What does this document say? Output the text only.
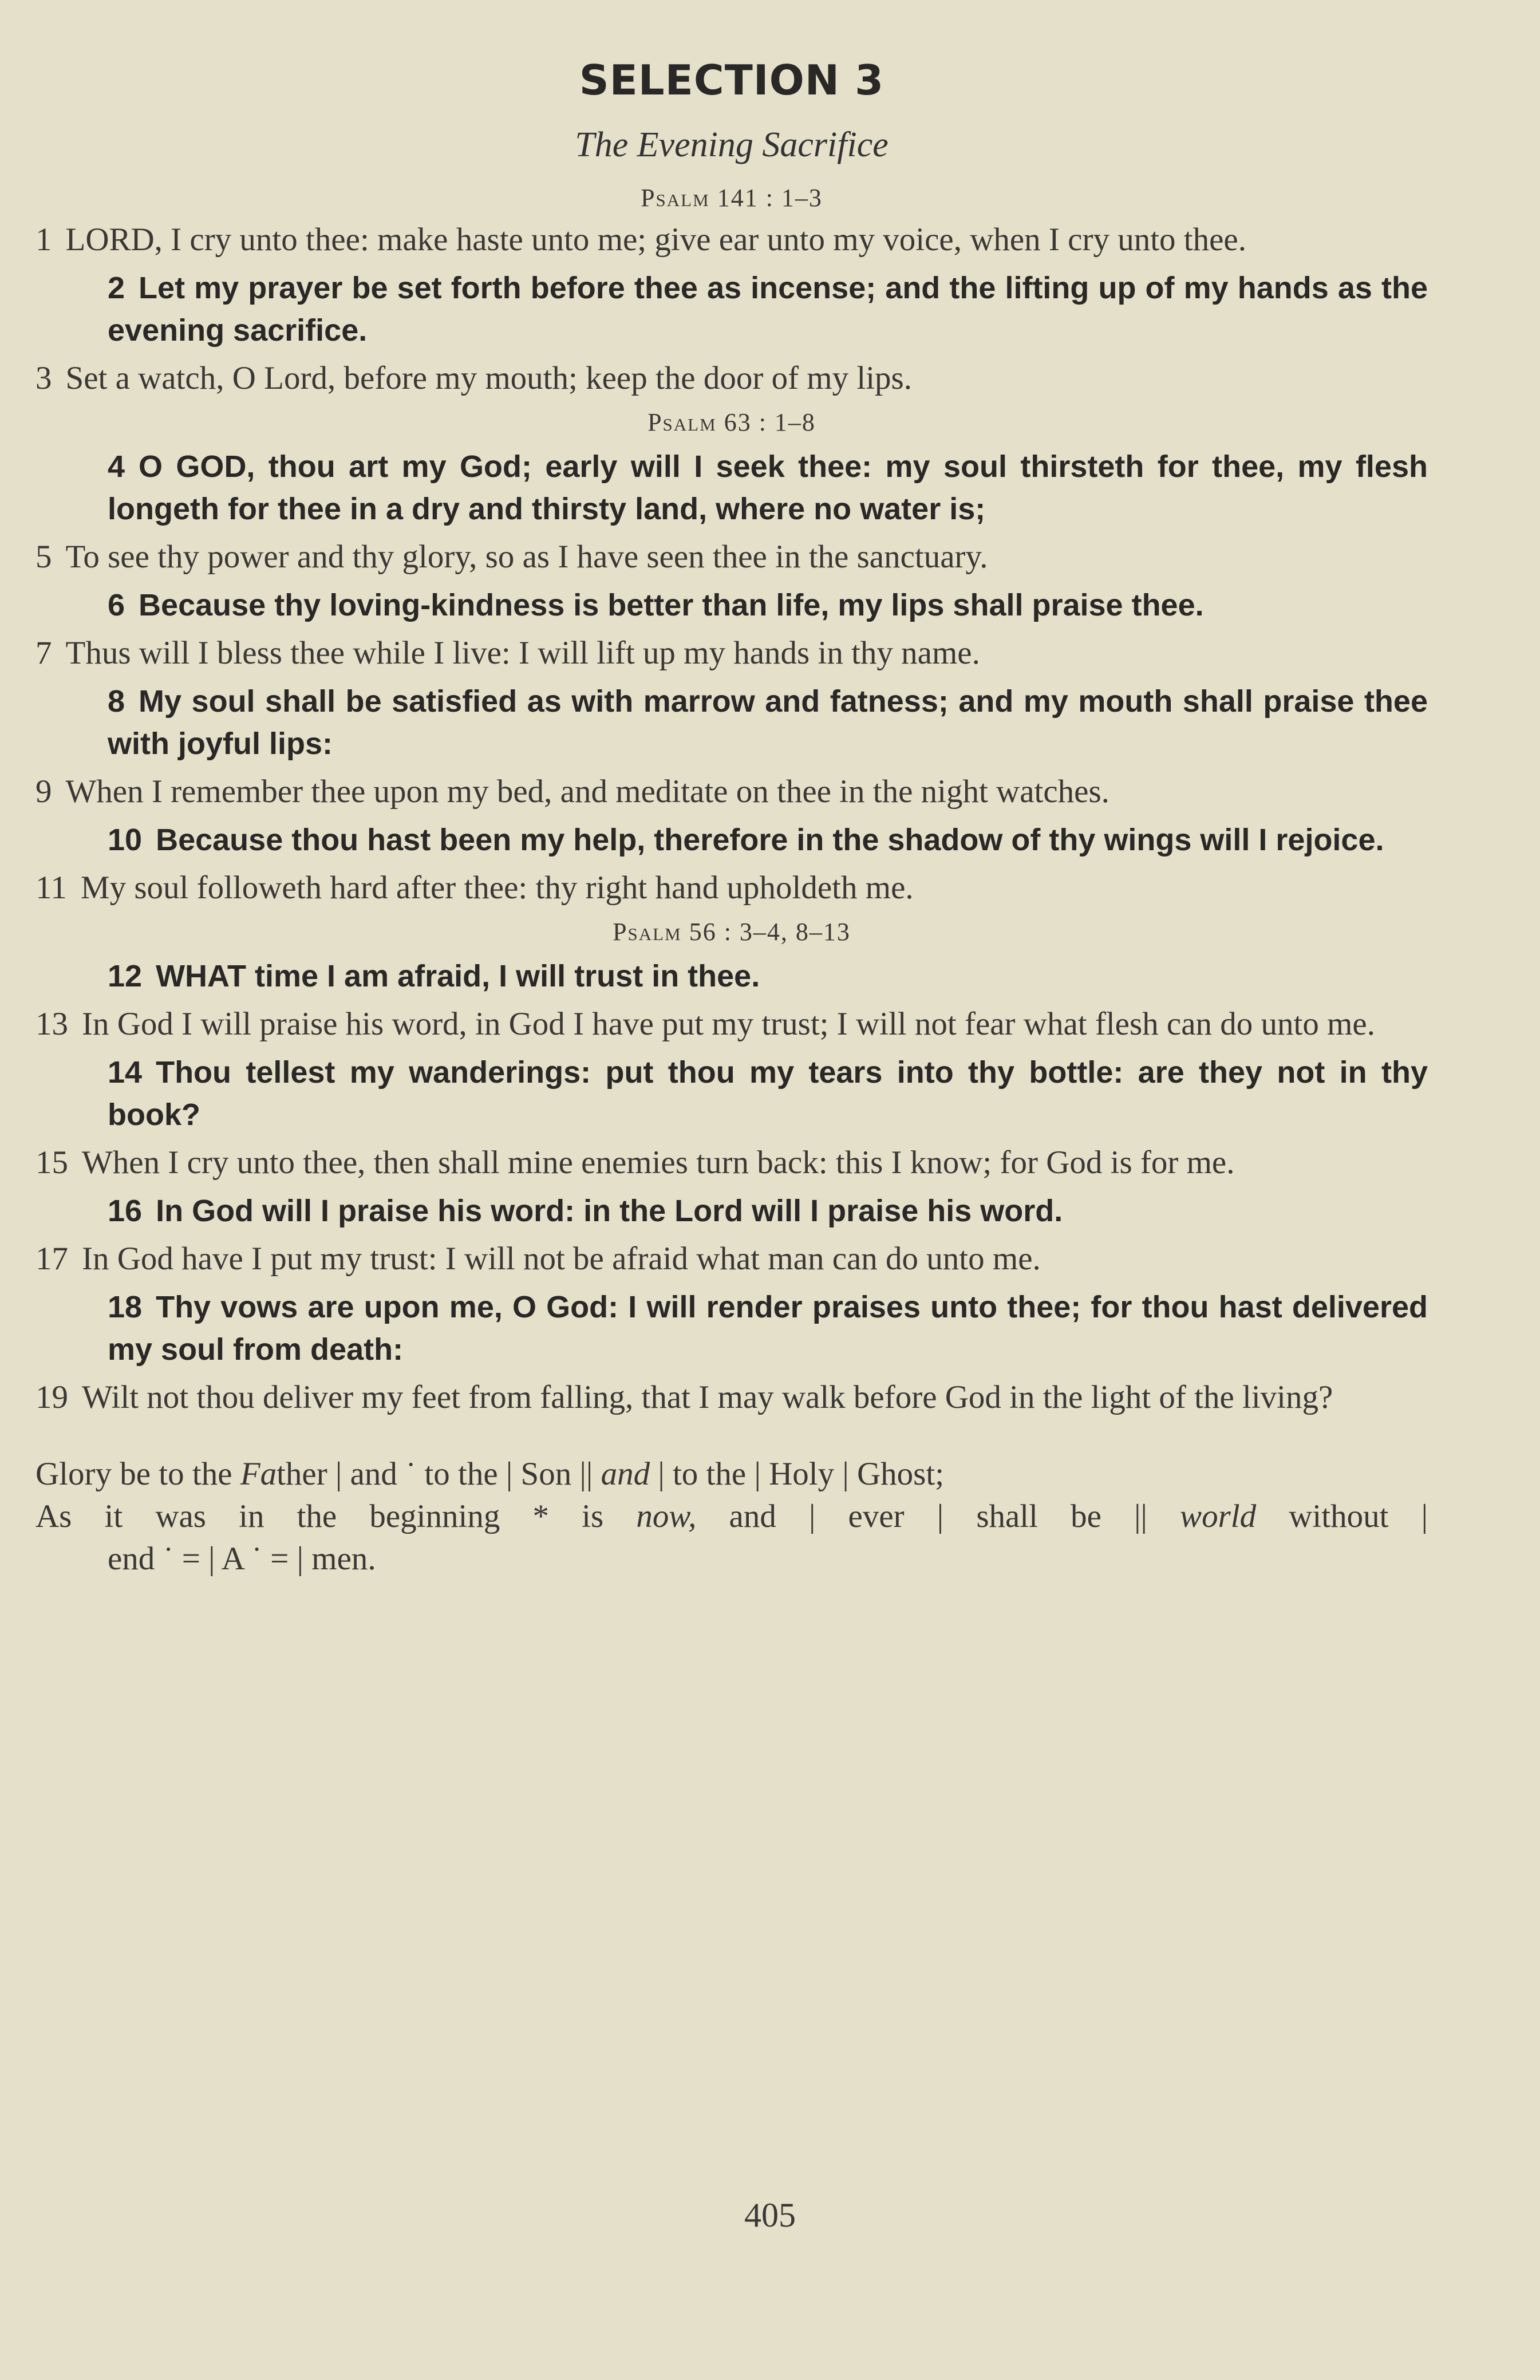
SELECTION 3
The Evening Sacrifice
Psalm 141 : 1–3
1 LORD, I cry unto thee: make haste unto me; give ear unto my voice, when I cry unto thee.
2 Let my prayer be set forth before thee as incense; and the lifting up of my hands as the evening sacrifice.
3 Set a watch, O Lord, before my mouth; keep the door of my lips.
Psalm 63 : 1–8
4 O GOD, thou art my God; early will I seek thee: my soul thirsteth for thee, my flesh longeth for thee in a dry and thirsty land, where no water is;
5 To see thy power and thy glory, so as I have seen thee in the sanctuary.
6 Because thy loving-kindness is better than life, my lips shall praise thee.
7 Thus will I bless thee while I live: I will lift up my hands in thy name.
8 My soul shall be satisfied as with marrow and fatness; and my mouth shall praise thee with joyful lips:
9 When I remember thee upon my bed, and meditate on thee in the night watches.
10 Because thou hast been my help, therefore in the shadow of thy wings will I rejoice.
11 My soul followeth hard after thee: thy right hand upholdeth me.
Psalm 56 : 3–4, 8–13
12 WHAT time I am afraid, I will trust in thee.
13 In God I will praise his word, in God I have put my trust; I will not fear what flesh can do unto me.
14 Thou tellest my wanderings: put thou my tears into thy bottle: are they not in thy book?
15 When I cry unto thee, then shall mine enemies turn back: this I know; for God is for me.
16 In God will I praise his word: in the Lord will I praise his word.
17 In God have I put my trust: I will not be afraid what man can do unto me.
18 Thy vows are upon me, O God: I will render praises unto thee; for thou hast delivered my soul from death:
19 Wilt not thou deliver my feet from falling, that I may walk before God in the light of the living?
Glory be to the Father | and ˙ to the | Son || and | to the | Holy | Ghost;
As it was in the beginning * is now, and | ever | shall be || world without |
end ˙ = | A ˙ = | men.
405
